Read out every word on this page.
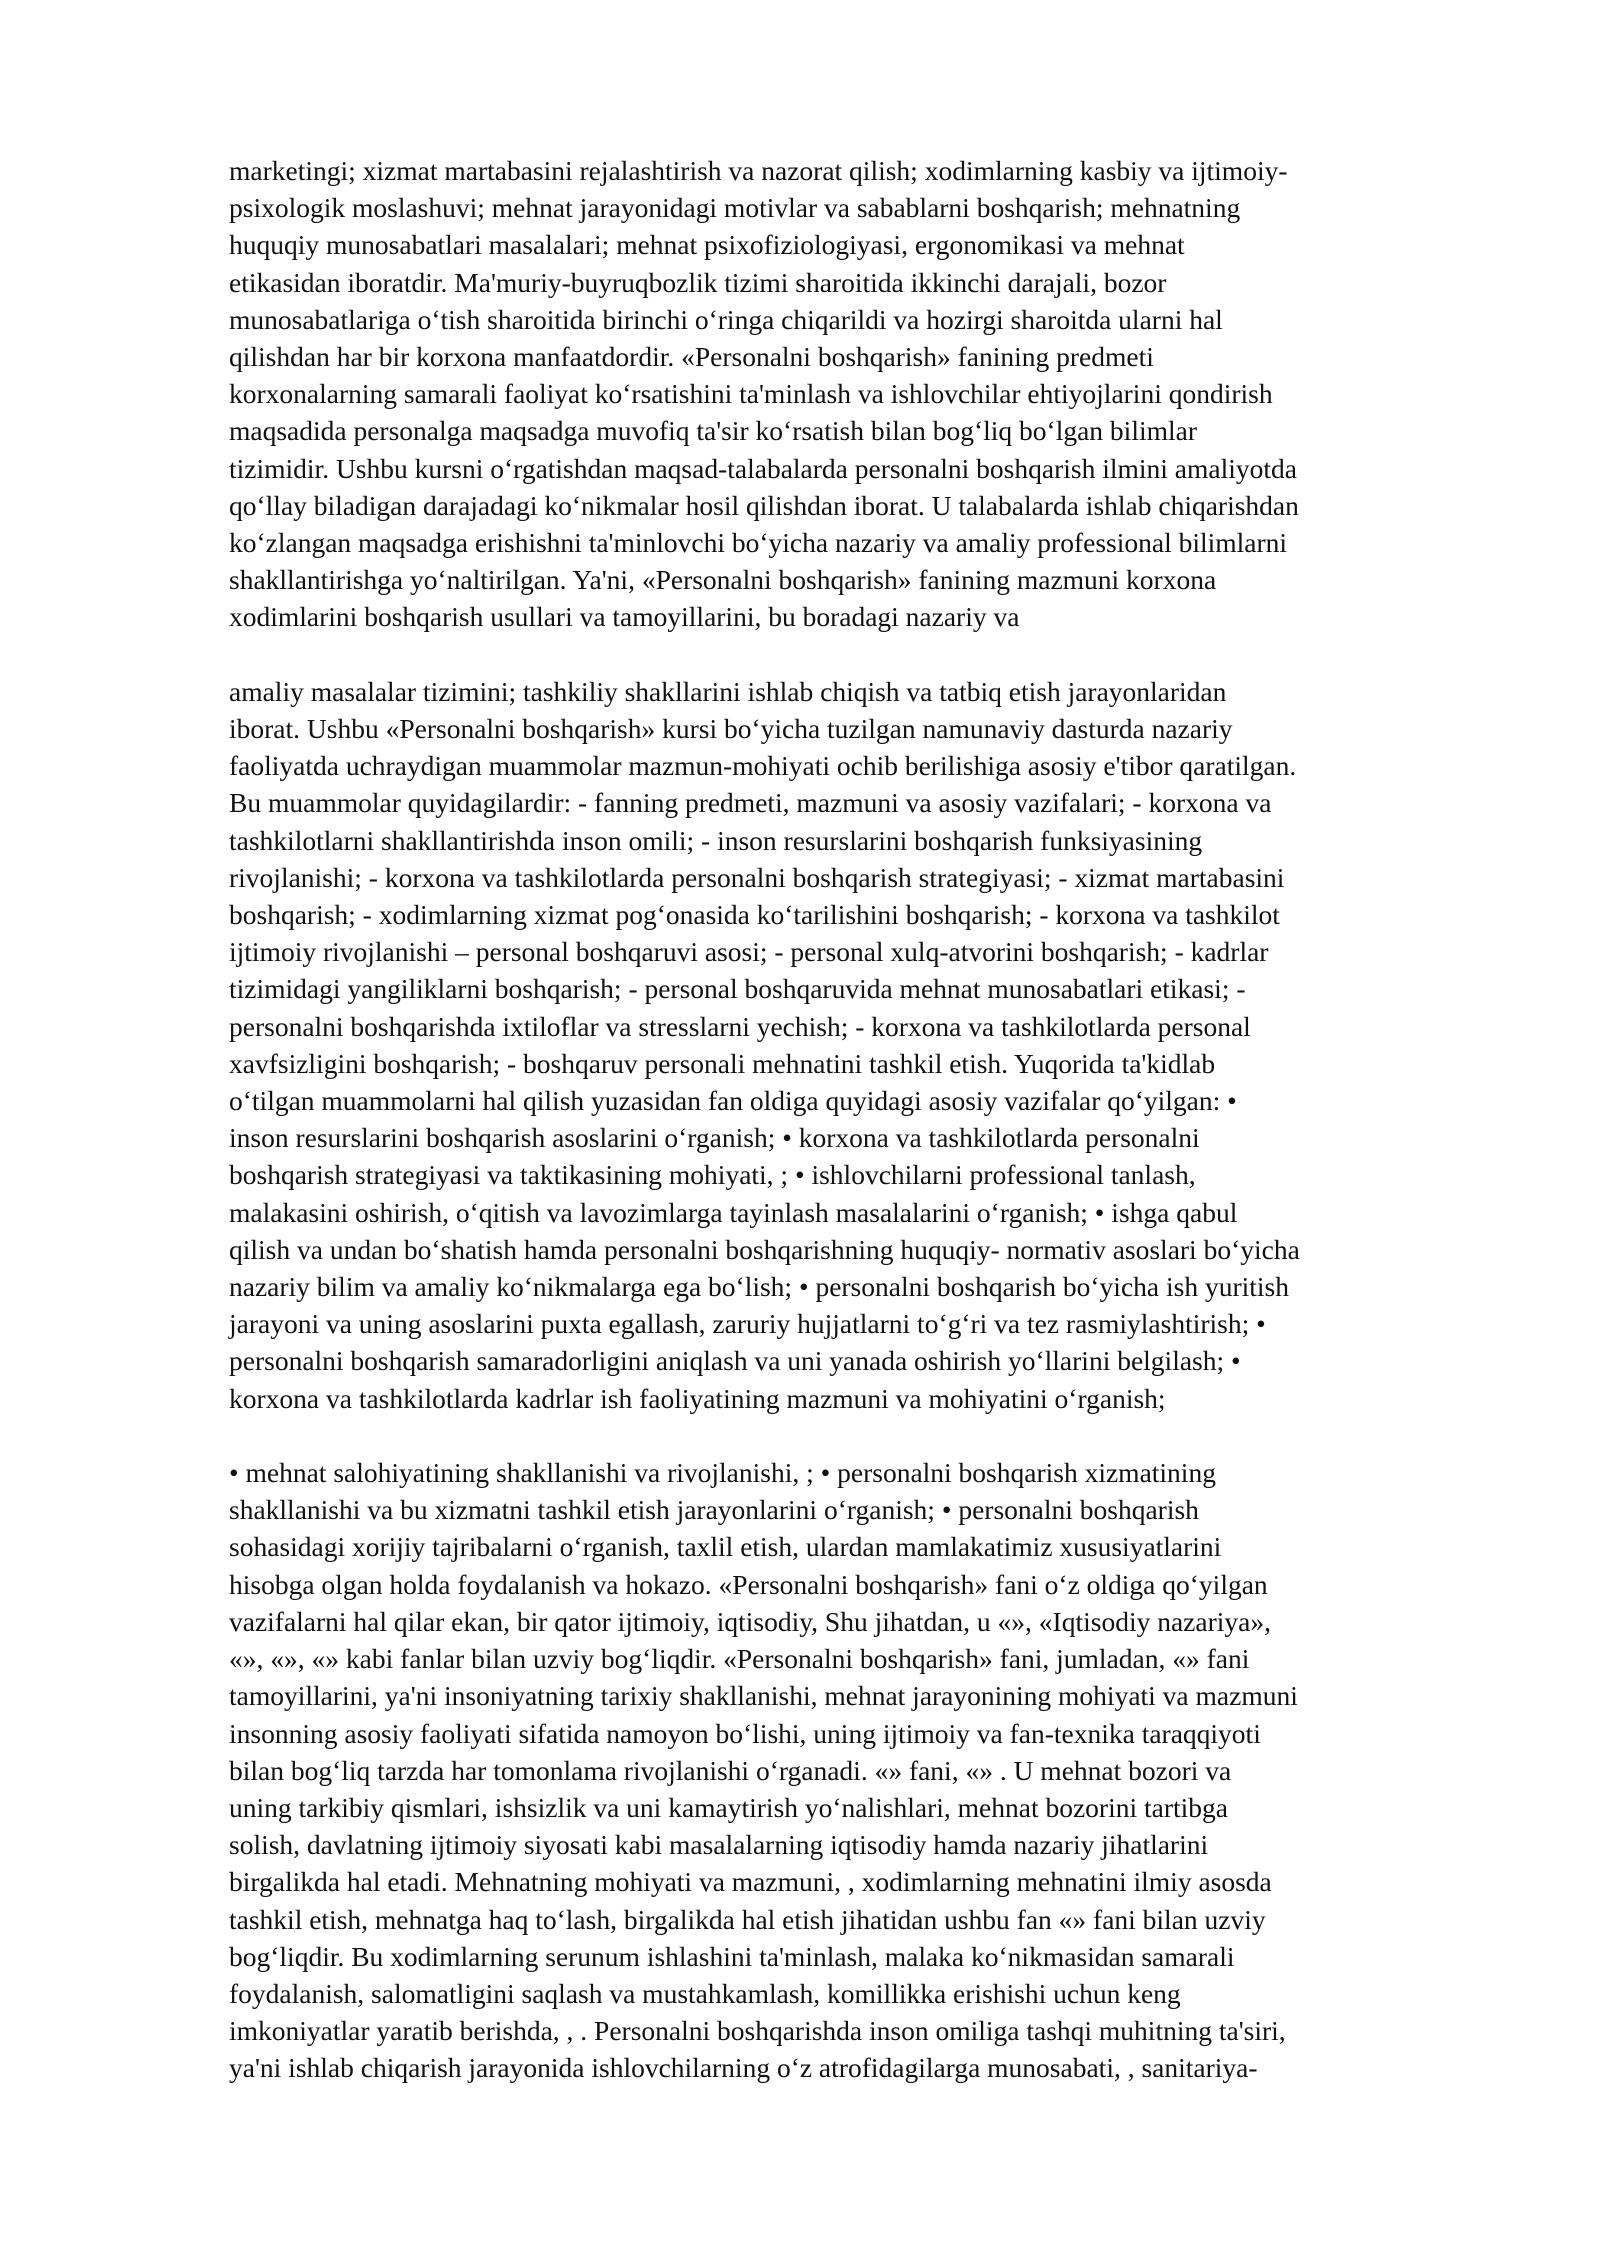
marketingi; xizmat martabasini rejalashtirish va nazorat qilish; xodimlarning kasbiy va ijtimoiy-
psixologik moslashuvi; mehnat jarayonidagi motivlar va sabablarni boshqarish; mehnatning
huquqiy munosabatlari masalalari; mehnat psixofiziologiyasi, ergonomikasi va mehnat
etikasidan iboratdir. Ma'muriy-buyruqbozlik tizimi sharoitida ikkinchi darajali, bozor
munosabatlariga o‘tish sharoitida birinchi o‘ringa chiqarildi va hozirgi sharoitda ularni hal
qilishdan har bir korxona manfaatdordir. «Personalni boshqarish» fanining predmeti
korxonalarning samarali faoliyat ko‘rsatishini ta'minlash va ishlovchilar ehtiyojlarini qondirish
maqsadida personalga maqsadga muvofiq ta'sir ko‘rsatish bilan bog‘liq bo‘lgan bilimlar
tizimidir. Ushbu kursni o‘rgatishdan maqsad-talabalarda personalni boshqarish ilmini amaliyotda
qo‘llay biladigan darajadagi ko‘nikmalar hosil qilishdan iborat. U talabalarda ishlab chiqarishdan
ko‘zlangan maqsadga erishishni ta'minlovchi bo‘yicha nazariy va amaliy professional bilimlarni
shakllantirishga yo‘naltirilgan. Ya'ni, «Personalni boshqarish» fanining mazmuni korxona
xodimlarini boshqarish usullari va tamoyillarini, bu boradagi nazariy va

amaliy masalalar tizimini; tashkiliy shakllarini ishlab chiqish va tatbiq etish jarayonlaridan
iborat. Ushbu «Personalni boshqarish» kursi bo‘yicha tuzilgan namunaviy dasturda nazariy
faoliyatda uchraydigan muammolar mazmun-mohiyati ochib berilishiga asosiy e'tibor qaratilgan.
Bu muammolar quyidagilardir: - fanning predmeti, mazmuni va asosiy vazifalari; - korxona va
tashkilotlarni shakllantirishda inson omili; - inson resurslarini boshqarish funksiyasining
rivojlanishi; - korxona va tashkilotlarda personalni boshqarish strategiyasi; - xizmat martabasini
boshqarish; - xodimlarning xizmat pog‘onasida ko‘tarilishini boshqarish; - korxona va tashkilot
ijtimoiy rivojlanishi – personal boshqaruvi asosi; - personal xulq-atvorini boshqarish; - kadrlar
tizimidagi yangiliklarni boshqarish; - personal boshqaruvida mehnat munosabatlari etikasi; -
personalni boshqarishda ixtiloflar va stresslarni yechish; - korxona va tashkilotlarda personal
xavfsizligini boshqarish; - boshqaruv personali mehnatini tashkil etish. Yuqorida ta'kidlab
o‘tilgan muammolarni hal qilish yuzasidan fan oldiga quyidagi asosiy vazifalar qo‘yilgan: •
inson resurslarini boshqarish asoslarini o‘rganish; • korxona va tashkilotlarda personalni
boshqarish strategiyasi va taktikasining mohiyati, ; • ishlovchilarni professional tanlash,
malakasini oshirish, o‘qitish va lavozimlarga tayinlash masalalarini o‘rganish; • ishga qabul
qilish va undan bo‘shatish hamda personalni boshqarishning huquqiy- normativ asoslari bo‘yicha
nazariy bilim va amaliy ko‘nikmalarga ega bo‘lish; • personalni boshqarish bo‘yicha ish yuritish
jarayoni va uning asoslarini puxta egallash, zaruriy hujjatlarni to‘g‘ri va tez rasmiylashtirish; •
personalni boshqarish samaradorligini aniqlash va uni yanada oshirish yo‘llarini belgilash; •
korxona va tashkilotlarda kadrlar ish faoliyatining mazmuni va mohiyatini o‘rganish;

• mehnat salohiyatining shakllanishi va rivojlanishi, ; • personalni boshqarish xizmatining
shakllanishi va bu xizmatni tashkil etish jarayonlarini o‘rganish; • personalni boshqarish
sohasidagi xorijiy tajribalarni o‘rganish, taxlil etish, ulardan mamlakatimiz xususiyatlarini
hisobga olgan holda foydalanish va hokazo. «Personalni boshqarish» fani o‘z oldiga qo‘yilgan
vazifalarni hal qilar ekan, bir qator ijtimoiy, iqtisodiy, Shu jihatdan, u «», «Iqtisodiy nazariya»,
«», «», «» kabi fanlar bilan uzviy bog‘liqdir. «Personalni boshqarish» fani, jumladan, «» fani
tamoyillarini, ya'ni insoniyatning tarixiy shakllanishi, mehnat jarayonining mohiyati va mazmuni
insonning asosiy faoliyati sifatida namoyon bo‘lishi, uning ijtimoiy va fan-texnika taraqqiyoti
bilan bog‘liq tarzda har tomonlama rivojlanishi o‘rganadi. «» fani, «» . U mehnat bozori va
uning tarkibiy qismlari, ishsizlik va uni kamaytirish yo‘nalishlari, mehnat bozorini tartibga
solish, davlatning ijtimoiy siyosati kabi masalalarning iqtisodiy hamda nazariy jihatlarini
birgalikda hal etadi. Mehnatning mohiyati va mazmuni, , xodimlarning mehnatini ilmiy asosda
tashkil etish, mehnatga haq to‘lash, birgalikda hal etish jihatidan ushbu fan «» fani bilan uzviy
bog‘liqdir. Bu xodimlarning serunum ishlashini ta'minlash, malaka ko‘nikmasidan samarali
foydalanish, salomatligini saqlash va mustahkamlash, komillikka erishishi uchun keng
imkoniyatlar yaratib berishda, , . Personalni boshqarishda inson omiliga tashqi muhitning ta'siri,
ya'ni ishlab chiqarish jarayonida ishlovchilarning o‘z atrofidagilarga munosabati, , sanitariya-
